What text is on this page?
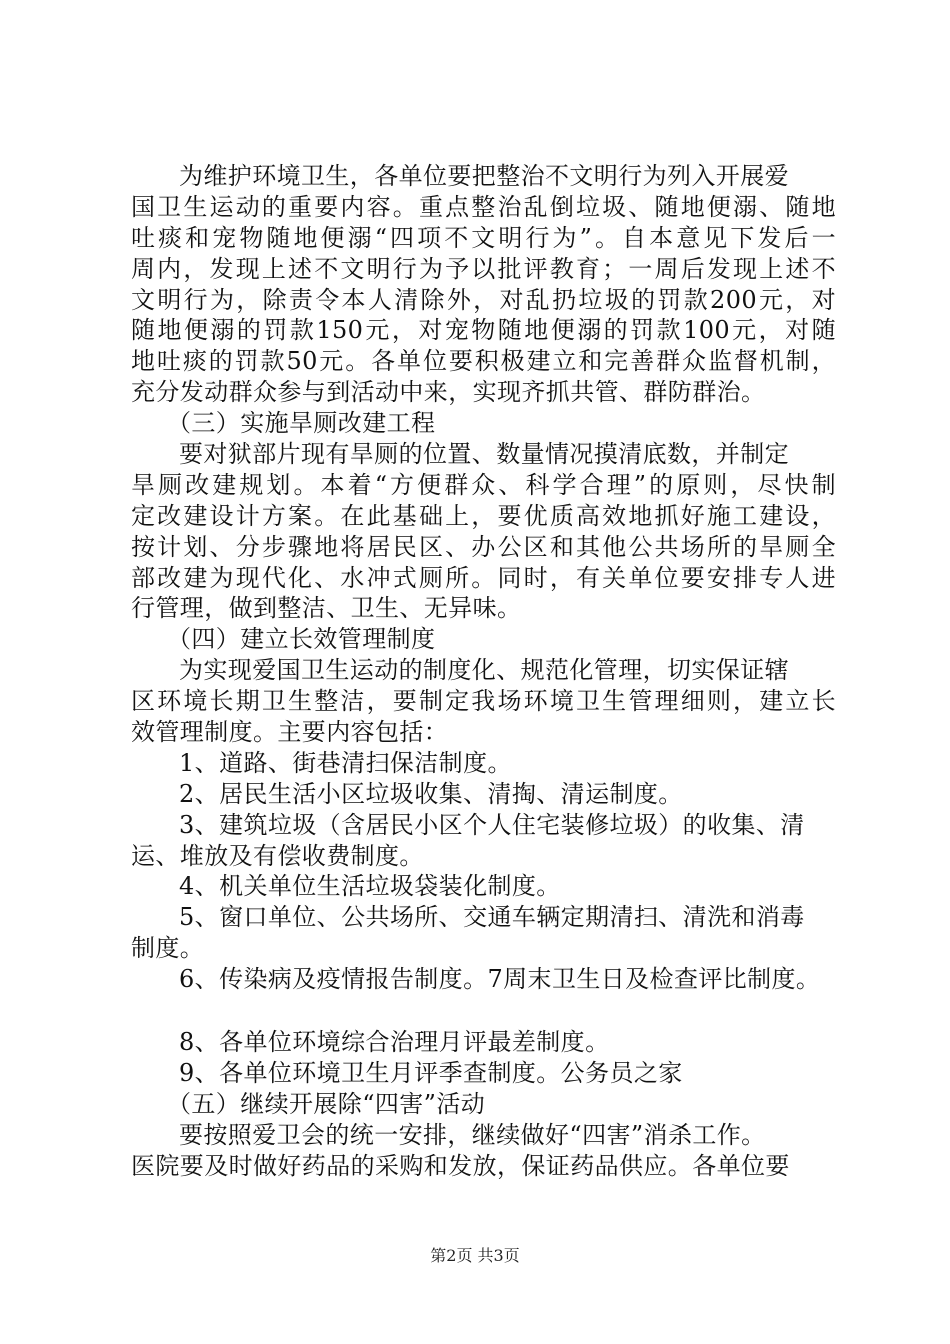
为维护环境卫生，各单位要把整治不文明行为列入开展爱
国卫生运动的重要内容。重点整治乱倒垃圾、随地便溺、随地
吐痰和宠物随地便溺“四项不文明行为”。自本意见下发后一
周内，发现上述不文明行为予以批评教育；一周后发现上述不
文明行为，除责令本人清除外，对乱扔垃圾的罚款200元，对
随地便溺的罚款150元，对宠物随地便溺的罚款100元，对随
地吐痰的罚款50元。各单位要积极建立和完善群众监督机制，
充分发动群众参与到活动中来，实现齐抓共管、群防群治。
（三）实施旱厕改建工程
要对狱部片现有旱厕的位置、数量情况摸清底数，并制定
旱厕改建规划。本着“方便群众、科学合理”的原则，尽快制
定改建设计方案。在此基础上，要优质高效地抓好施工建设，
按计划、分步骤地将居民区、办公区和其他公共场所的旱厕全
部改建为现代化、水冲式厕所。同时，有关单位要安排专人进
行管理，做到整洁、卫生、无异味。
（四）建立长效管理制度
为实现爱国卫生运动的制度化、规范化管理，切实保证辖
区环境长期卫生整洁，要制定我场环境卫生管理细则，建立长
效管理制度。主要内容包括：
1、道路、街巷清扫保洁制度。
2、居民生活小区垃圾收集、清掏、清运制度。
3、建筑垃圾（含居民小区个人住宅装修垃圾）的收集、清
运、堆放及有偿收费制度。
4、机关单位生活垃圾袋装化制度。
5、窗口单位、公共场所、交通车辆定期清扫、清洗和消毒
制度。
6、传染病及疫情报告制度。7周末卫生日及检查评比制度。
8、各单位环境综合治理月评最差制度。
9、各单位环境卫生月评季查制度。公务员之家
（五）继续开展除“四害”活动
要按照爱卫会的统一安排，继续做好“四害”消杀工作。
医院要及时做好药品的采购和发放，保证药品供应。各单位要
第2页 共3页
